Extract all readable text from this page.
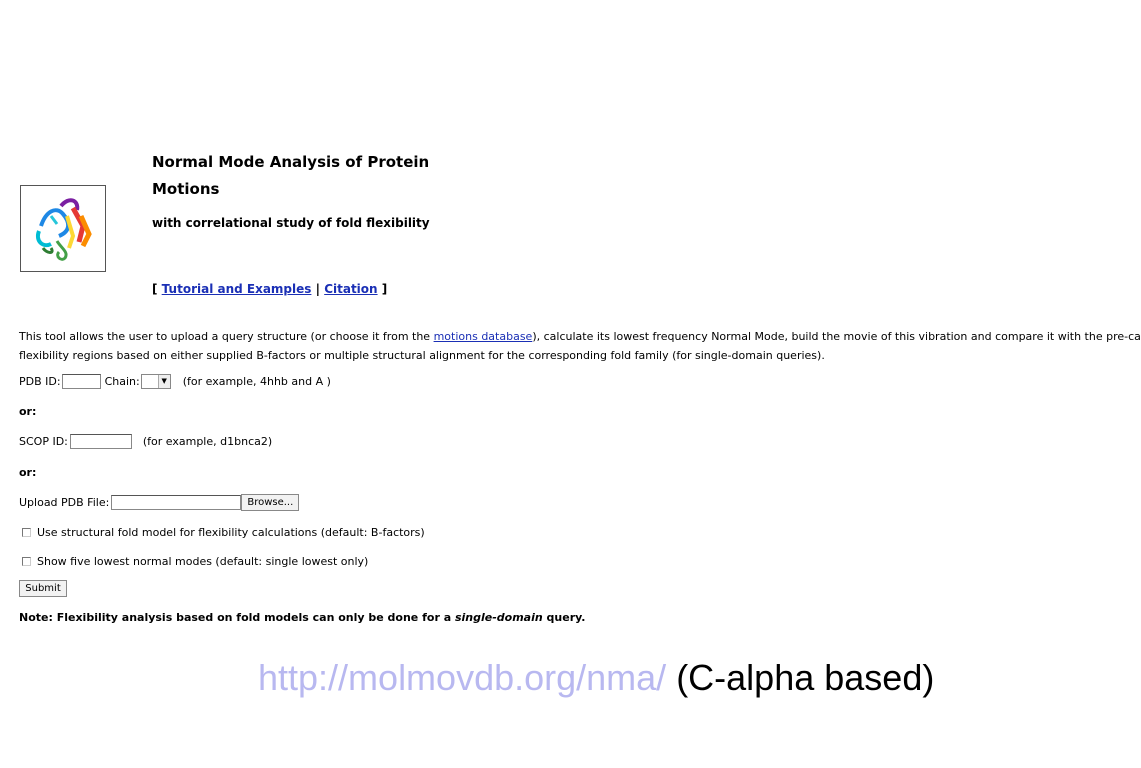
Normal Mode Analysis of Protein Motions
with correlational study of fold flexibility
[ Tutorial and Examples | Citation ]
This tool allows the user to upload a query structure (or choose it from the motions database), calculate its lowest frequency Normal Mode, build the movie of this vibration and compare it with the pre-ca
flexibility regions based on either supplied B-factors or multiple structural alignment for the corresponding fold family (for single-domain queries).
PDB ID:	Chain:	▼ (for example, 4hhb and A )
or:
SCOP ID:	(for example, d1bnca2)
or:
Upload PDB File:	Browse...
Use structural fold model for flexibility calculations (default: B-factors)
Show five lowest normal modes (default: single lowest only)
Submit
Note: Flexibility analysis based on fold models can only be done for a single-domain query.
http://molmovdb.org/nma/ (C-alpha based)
